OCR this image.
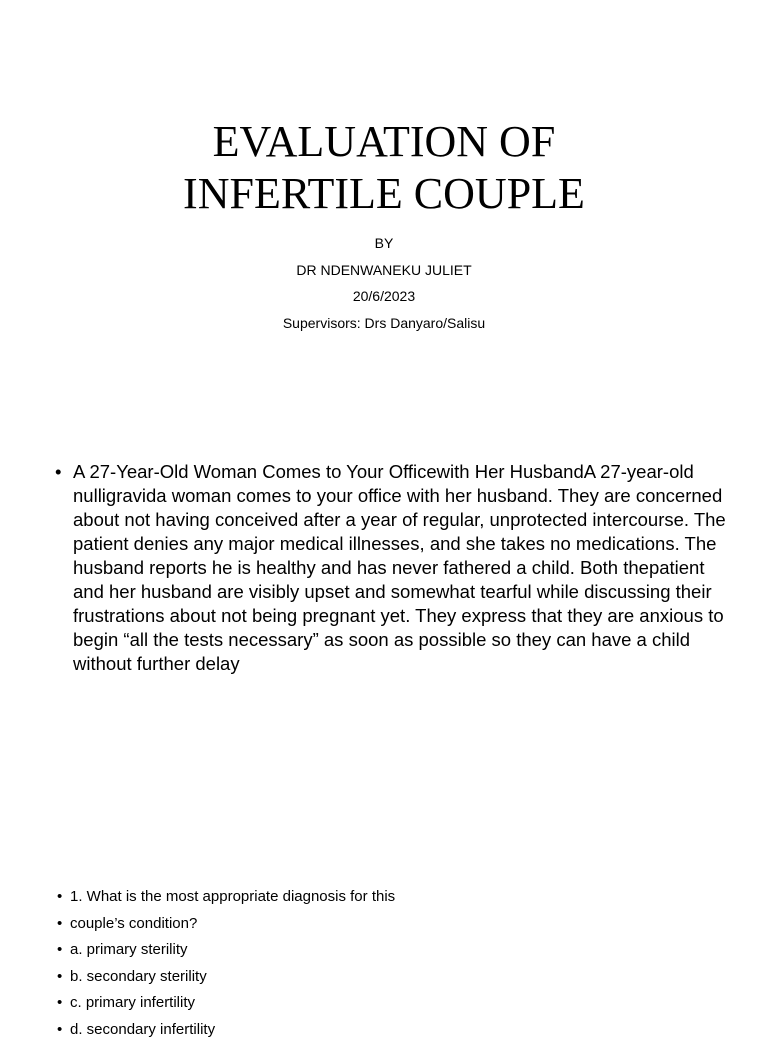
EVALUATION OF
INFERTILE COUPLE
BY
DR NDENWANEKU JULIET
20/6/2023
Supervisors: Drs Danyaro/Salisu
• A 27-Year-Old Woman Comes to Your Officewith Her HusbandA 27-year-old nulligravida woman comes to your office with her husband. They are concerned about not having conceived after a year of regular, unprotected intercourse. The patient denies any major medical illnesses, and she takes no medications. The husband reports he is healthy and has never fathered a child. Both thepatient and her husband are visibly upset and somewhat tearful while discussing their frustrations about not being pregnant yet. They express that they are anxious to begin “all the tests necessary” as soon as possible so they can have a child without further delay
• 1. What is the most appropriate diagnosis for this
• couple’s condition?
• a. primary sterility
• b. secondary sterility
• c. primary infertility
• d. secondary infertility
